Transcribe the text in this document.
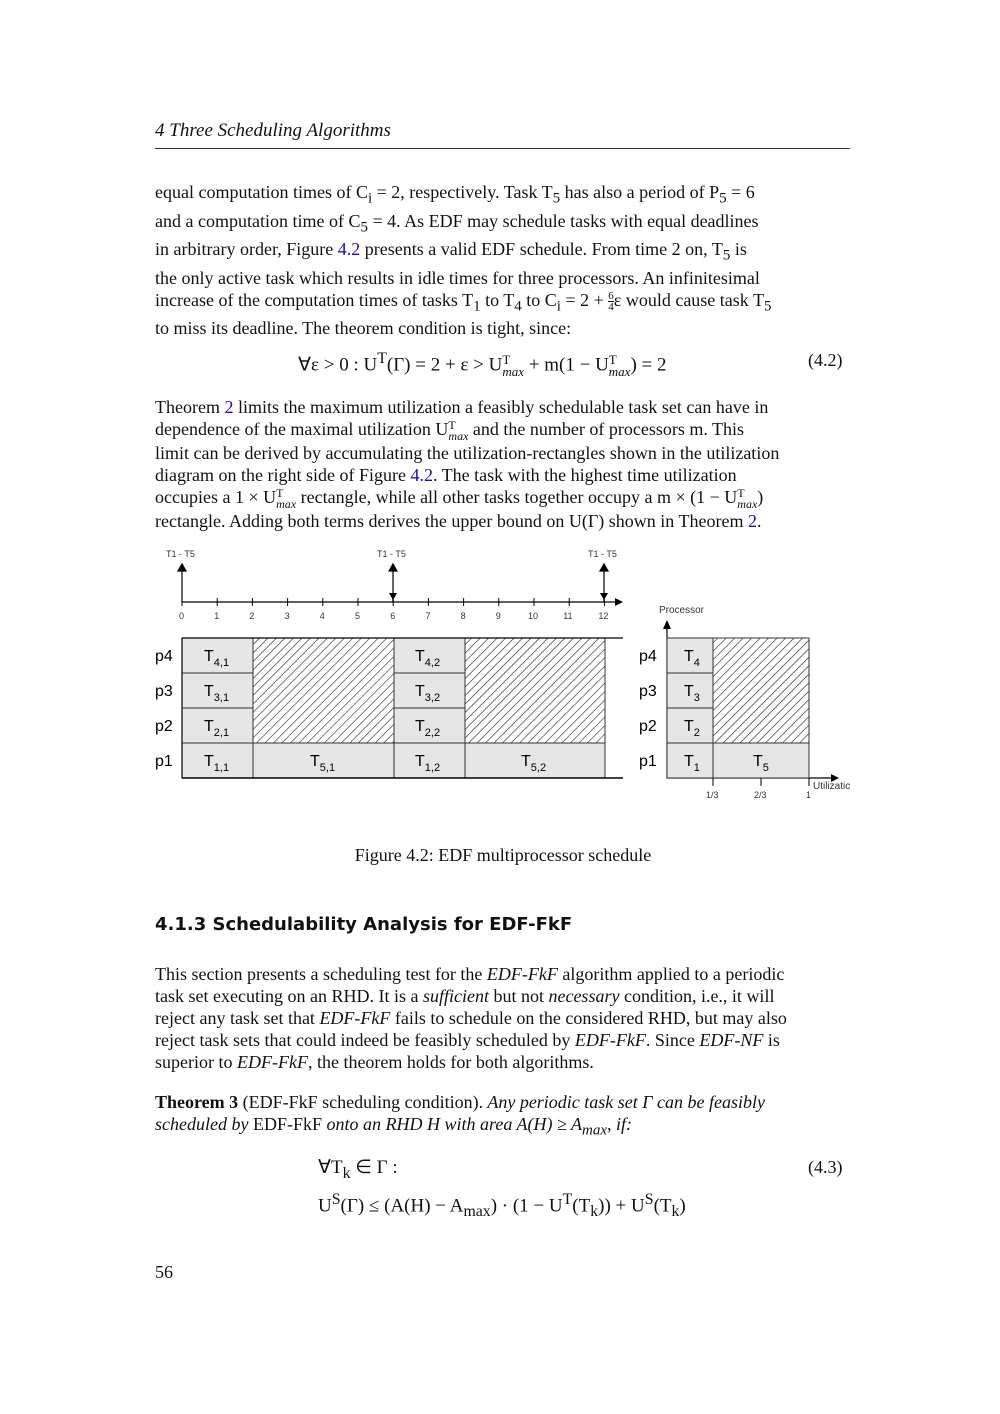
4 Three Scheduling Algorithms
equal computation times of $C_i = 2$, respectively. Task $T_5$ has also a period of $P_5 = 6$
and a computation time of $C_5 = 4$. As EDF may schedule tasks with equal deadlines
in arbitrary order, Figure 4.2 presents a valid EDF schedule. From time 2 on, $T_5$ is
the only active task which results in idle times for three processors. An infinitesimal
increase of the computation times of tasks $T_1$ to $T_4$ to $C_i = 2 + \frac{6}{4}$ ε would cause task $T_5$
to miss its deadline. The theorem condition is tight, since:
∀ε > 0 : $U^T(\Gamma) = 2 + \varepsilon > U$ T
max + m(1 − U T
max ) = 2	(4.2)
Theorem 2 limits the maximum utilization a feasibly schedulable task set can have in
dependence of the maximal utilization U T
max and the number of processors m. This
limit can be derived by accumulating the utilization-rectangles shown in the utilization
diagram on the right side of Figure 4.2. The task with the highest time utilization
occupies a 1 × U T
max rectangle, while all other tasks together occupy a m × (1 − U T
max )
rectangle. Adding both terms derives the upper bound on U(Γ) shown in Theorem 2.
T1 - T5	T1 - T5	T1 - T5
0	1	2	3	4	5	6	7	8	9	10	11	12
p4
p3
p2
p1
$T_{4,1}$	$T_{4,2}$
$T_{3,1}$	$T_{3,2}$
$T_{2,1}$	$T_{2,2}$
$T_{1,1}$	$T_{5,1}$	$T_{1,2}$	$T_{5,2}$
Processor
Utilizatic
1/3	2/3	1
p4
p3
p2
p1
$T_4$
$T_3$
$T_2$
$T_1$	$T_5$
Figure 4.2: EDF multiprocessor schedule
4.1.3 Schedulability Analysis for EDF-FkF
This section presents a scheduling test for the EDF-FkF algorithm applied to a periodic
task set executing on an RHD. It is a sufficient but not necessary condition, i.e., it will
reject any task set that EDF-FkF fails to schedule on the considered RHD, but may also
reject task sets that could indeed be feasibly scheduled by EDF-FkF. Since EDF-NF is
superior to EDF-FkF, the theorem holds for both algorithms.
Theorem 3 (EDF-FkF scheduling condition). Any periodic task set Γ can be feasibly
scheduled by EDF-FkF onto an RHD H with area $A(H) \ge A_{max}$, if:
$\forall T_k$ ∈ Γ :
$U^S(\Gamma) \le (A(H) - A_{max}) \cdot (1 - U^T(T_k)) + U^S(T_k)$
(4.3)
56
